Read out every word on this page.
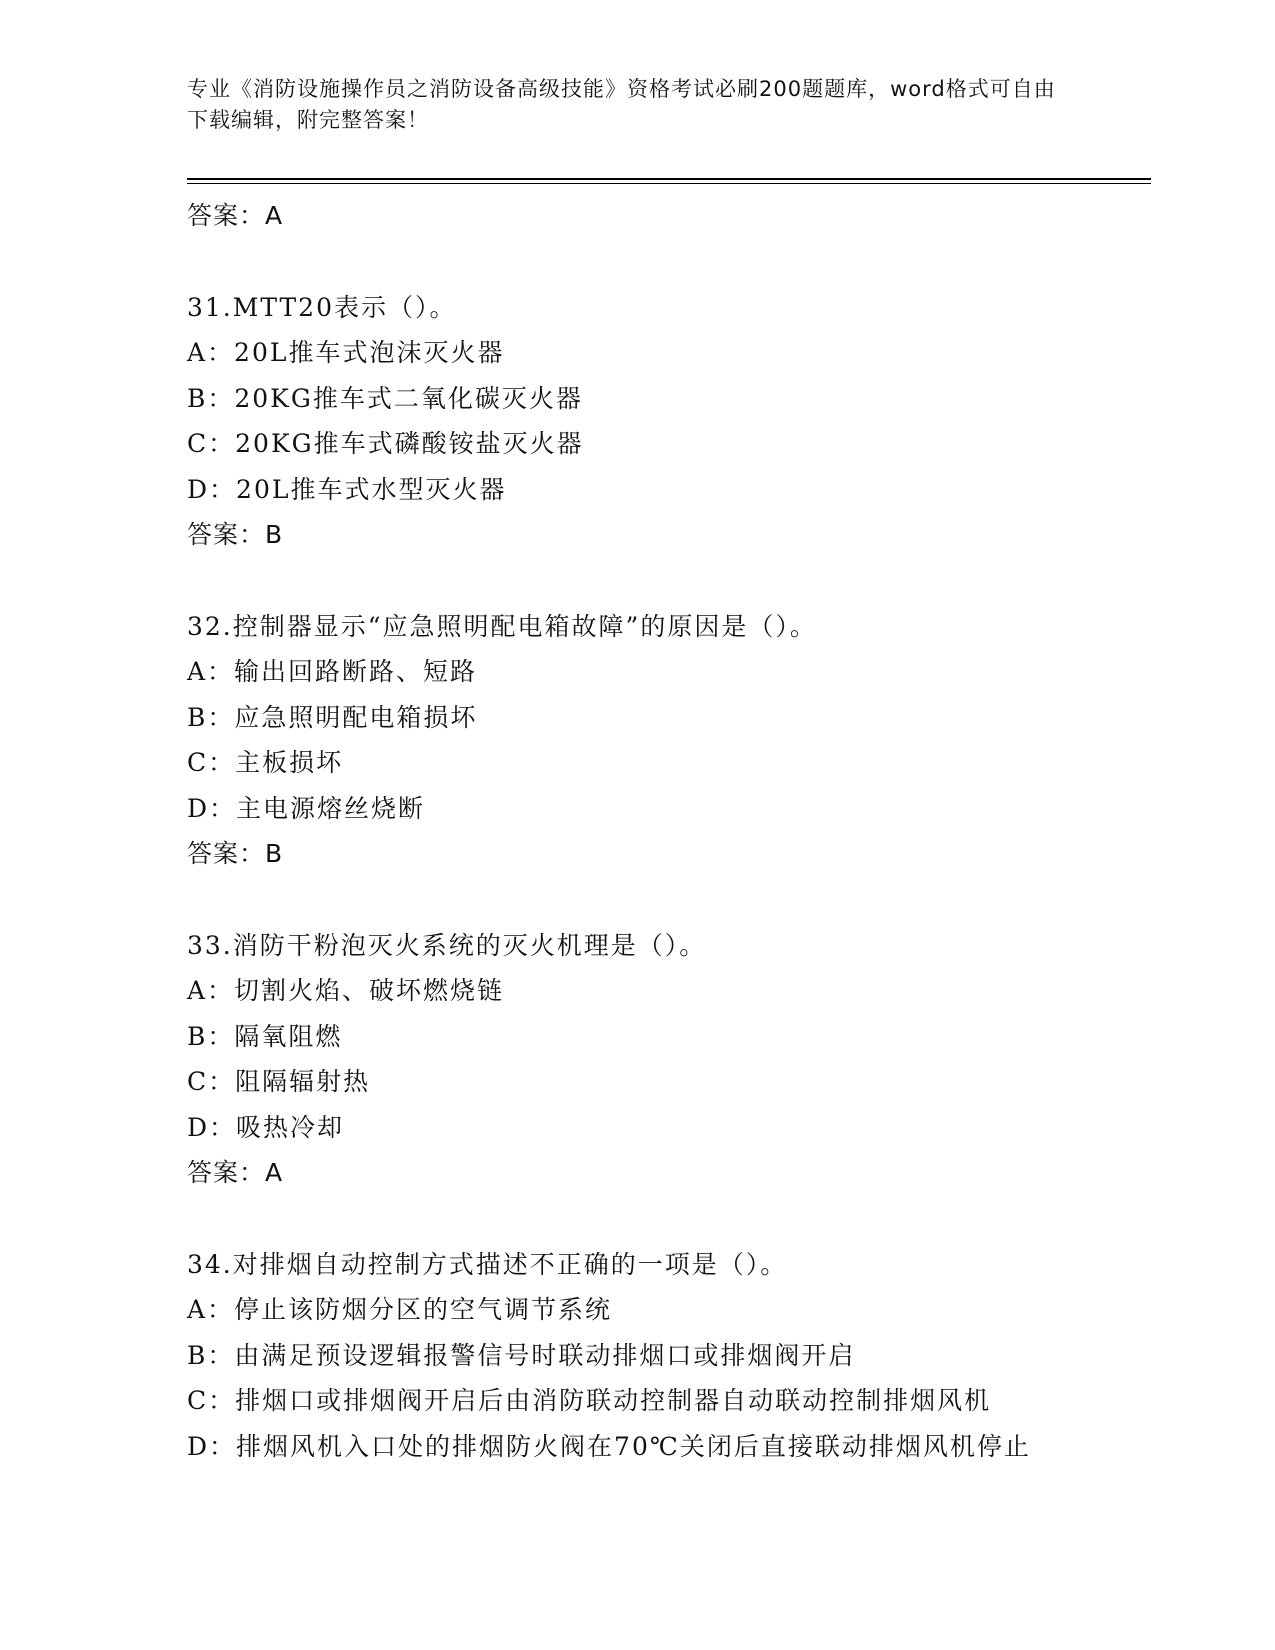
专业《消防设施操作员之消防设备高级技能》资格考试必刷200题题库，word格式可自由下载编辑，附完整答案！
答案：A
31.MTT20表示（）。
A：20L推车式泡沫灭火器
B：20KG推车式二氧化碳灭火器
C：20KG推车式磷酸铵盐灭火器
D：20L推车式水型灭火器
答案：B
32.控制器显示“应急照明配电箱故障”的原因是（）。
A：输出回路断路、短路
B：应急照明配电箱损坏
C：主板损坏
D：主电源熔丝烧断
答案：B
33.消防干粉泡灭火系统的灭火机理是（）。
A：切割火焰、破坏燃烧链
B：隔氧阻燃
C：阻隔辐射热
D：吸热冷却
答案：A
34.对排烟自动控制方式描述不正确的一项是（）。
A：停止该防烟分区的空气调节系统
B：由满足预设逻辑报警信号时联动排烟口或排烟阀开启
C：排烟口或排烟阀开启后由消防联动控制器自动联动控制排烟风机
D：排烟风机入口处的排烟防火阀在70℃关闭后直接联动排烟风机停止
